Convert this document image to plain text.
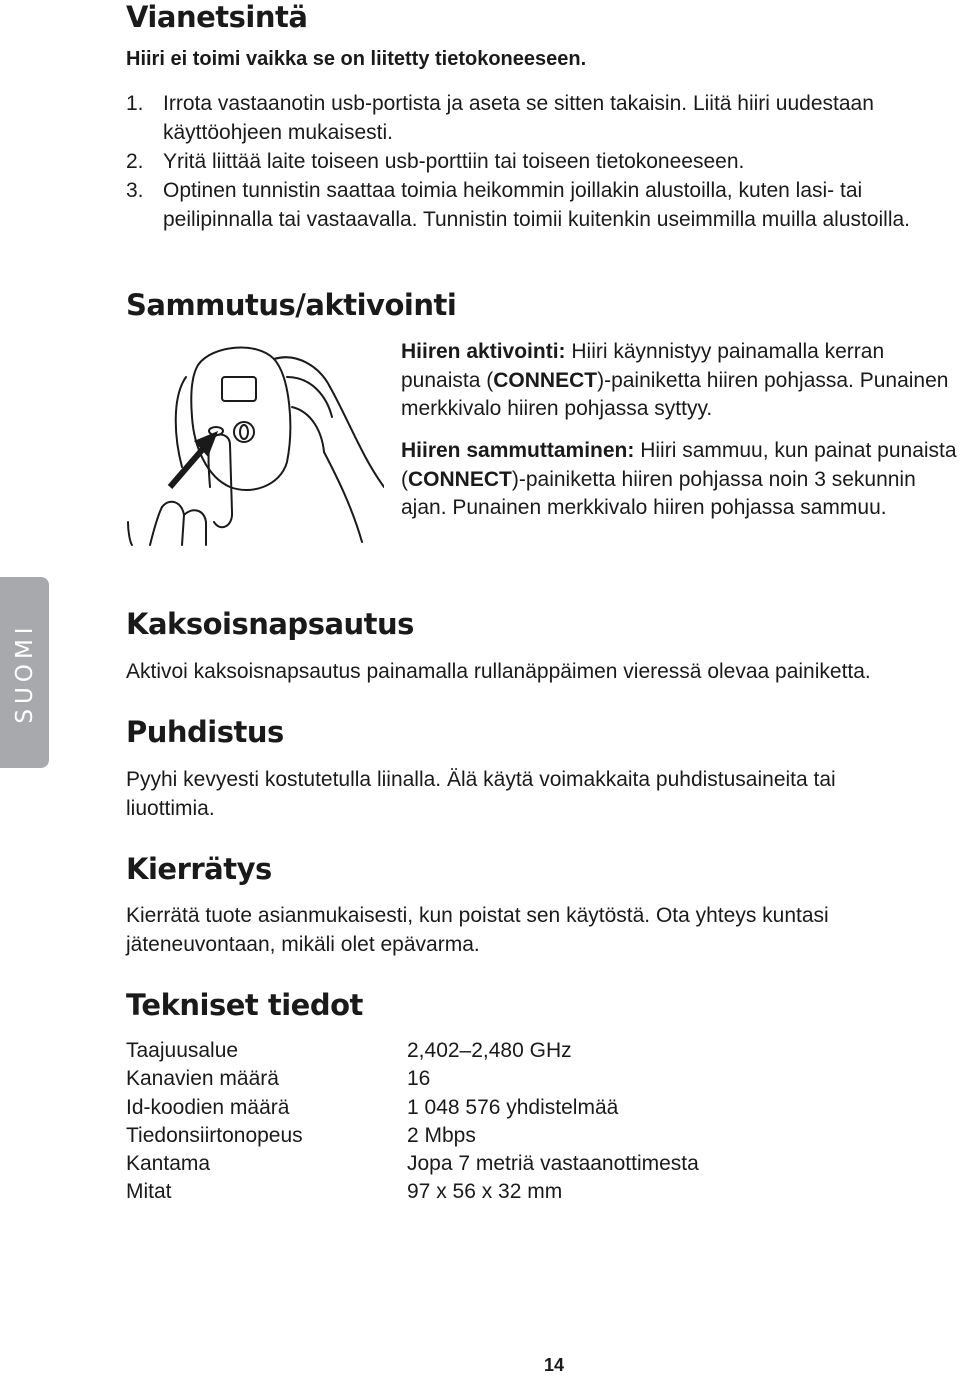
Vianetsintä

Hiiri ei toimi vaikka se on liitetty tietokoneeseen.

1. Irrota vastaanotin usb-portista ja aseta se sitten takaisin. Liitä hiiri uudestaan käyttöohjeen mukaisesti.
2. Yritä liittää laite toiseen usb-porttiin tai toiseen tietokoneeseen.
3. Optinen tunnistin saattaa toimia heikommin joillakin alustoilla, kuten lasi- tai peilipinnalla tai vastaavalla. Tunnistin toimii kuitenkin useimmilla muilla alustoilla.
Sammutus/aktivointi

Hiiren aktivointi: Hiiri käynnistyy painamalla kerran punaista (CONNECT)-painiketta hiiren pohjassa. Punainen merkkivalo hiiren pohjassa syttyy.

Hiiren sammuttaminen: Hiiri sammuu, kun painat punaista (CONNECT)-painiketta hiiren pohjassa noin 3 sekunnin ajan. Punainen merkkivalo hiiren pohjassa sammuu.

SUOMI	Kaksoisnapsautus

Aktivoi kaksoisnapsautus painamalla rullanäppäimen vieressä olevaa painiketta.

Puhdistus

Pyyhi kevyesti kostutetulla liinalla. Älä käytä voimakkaita puhdistusaineita tai liuottimia.

Kierrätys

Kierrätä tuote asianmukaisesti, kun poistat sen käytöstä. Ota yhteys kuntasi jäteneuvontaan, mikäli olet epävarma.

Tekniset tiedot
Taajuusalue	2,402–2,480 GHz
Kanavien määrä	16
Id-koodien määrä	1 048 576 yhdistelmää
Tiedonsiirtonopeus	2 Mbps
Kantama	Jopa 7 metriä vastaanottimesta
Mitat	97 x 56 x 32 mm
14
